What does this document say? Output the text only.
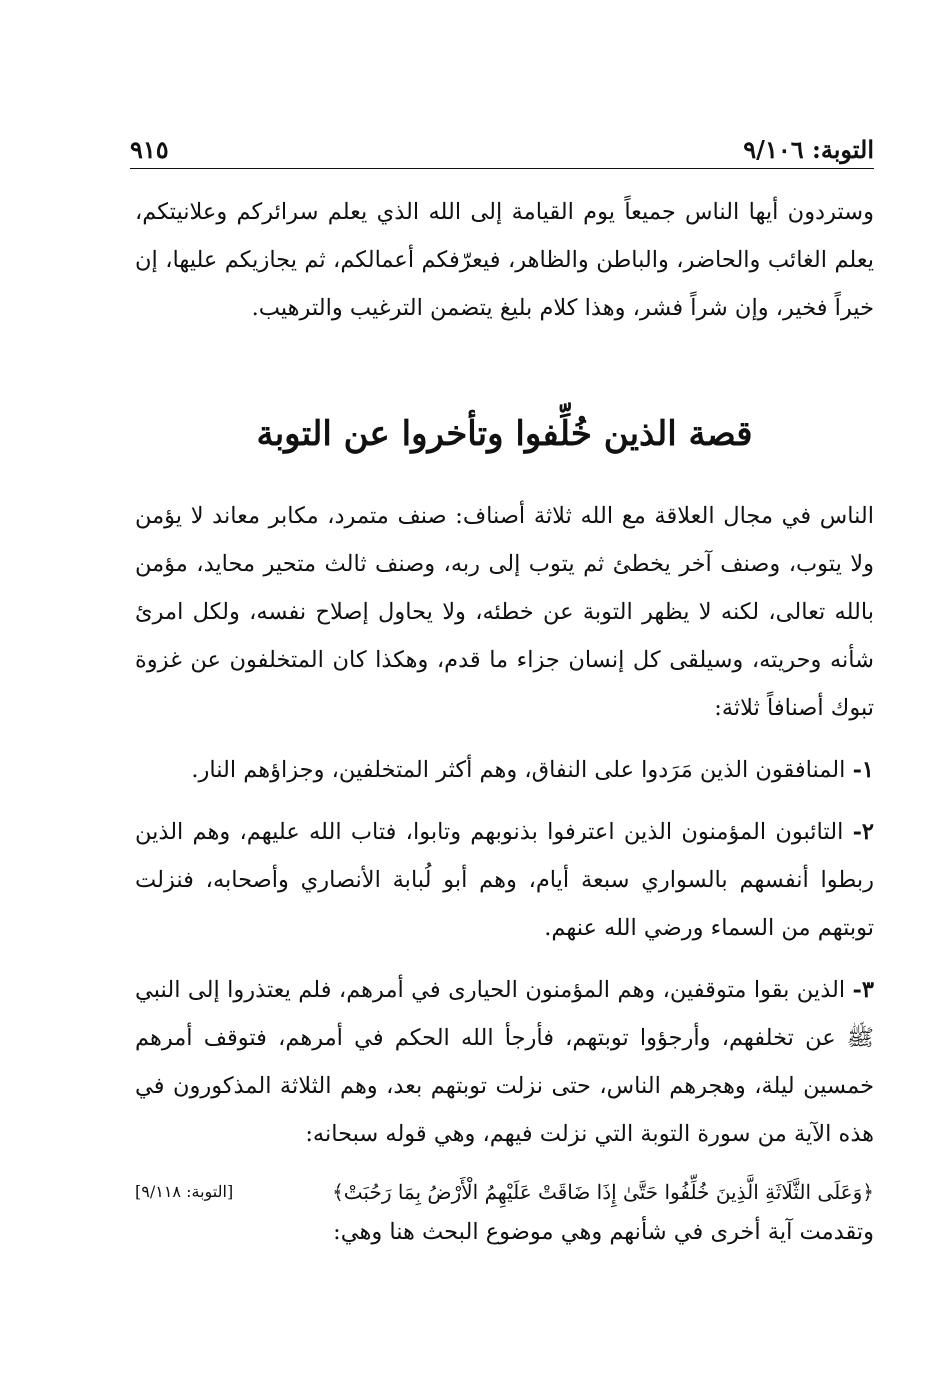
التوبة: ٩/١٠٦
٩١٥

وستردون أيها الناس جميعاً يوم القيامة إلى الله الذي يعلم سرائركم وعلانيتكم، يعلم الغائب والحاضر، والباطن والظاهر، فيعرّفكم أعمالكم، ثم يجازيكم عليها، إن خيراً فخير، وإن شراً فشر، وهذا كلام بليغ يتضمن الترغيب والترهيب.

قصة الذين خُلِّفوا وتأخروا عن التوبة

الناس في مجال العلاقة مع الله ثلاثة أصناف: صنف متمرد، مكابر معاند لا يؤمن ولا يتوب، وصنف آخر يخطئ ثم يتوب إلى ربه، وصنف ثالث متحير محايد، مؤمن بالله تعالى، لكنه لا يظهر التوبة عن خطئه، ولا يحاول إصلاح نفسه، ولكل امرئ شأنه وحريته، وسيلقى كل إنسان جزاء ما قدم، وهكذا كان المتخلفون عن غزوة تبوك أصنافاً ثلاثة:

١- المنافقون الذين مَرَدوا على النفاق، وهم أكثر المتخلفين، وجزاؤهم النار.

٢- التائبون المؤمنون الذين اعترفوا بذنوبهم وتابوا، فتاب الله عليهم، وهم الذين ربطوا أنفسهم بالسواري سبعة أيام، وهم أبو لُبابة الأنصاري وأصحابه، فنزلت توبتهم من السماء ورضي الله عنهم.

٣- الذين بقوا متوقفين، وهم المؤمنون الحيارى في أمرهم، فلم يعتذروا إلى النبي ﷺ عن تخلفهم، وأرجؤوا توبتهم، فأرجأ الله الحكم في أمرهم، فتوقف أمرهم خمسين ليلة، وهجرهم الناس، حتى نزلت توبتهم بعد، وهم الثلاثة المذكورون في هذه الآية من سورة التوبة التي نزلت فيهم، وهي قوله سبحانه:

﴿وَعَلَى الثَّلَاثَةِ الَّذِينَ خُلِّفُوا حَتَّىٰ إِذَا ضَاقَتْ عَلَيْهِمُ الْأَرْضُ بِمَا رَحُبَتْ﴾
[التوبة: ٩/١١٨]

وتقدمت آية أخرى في شأنهم وهي موضوع البحث هنا وهي:
